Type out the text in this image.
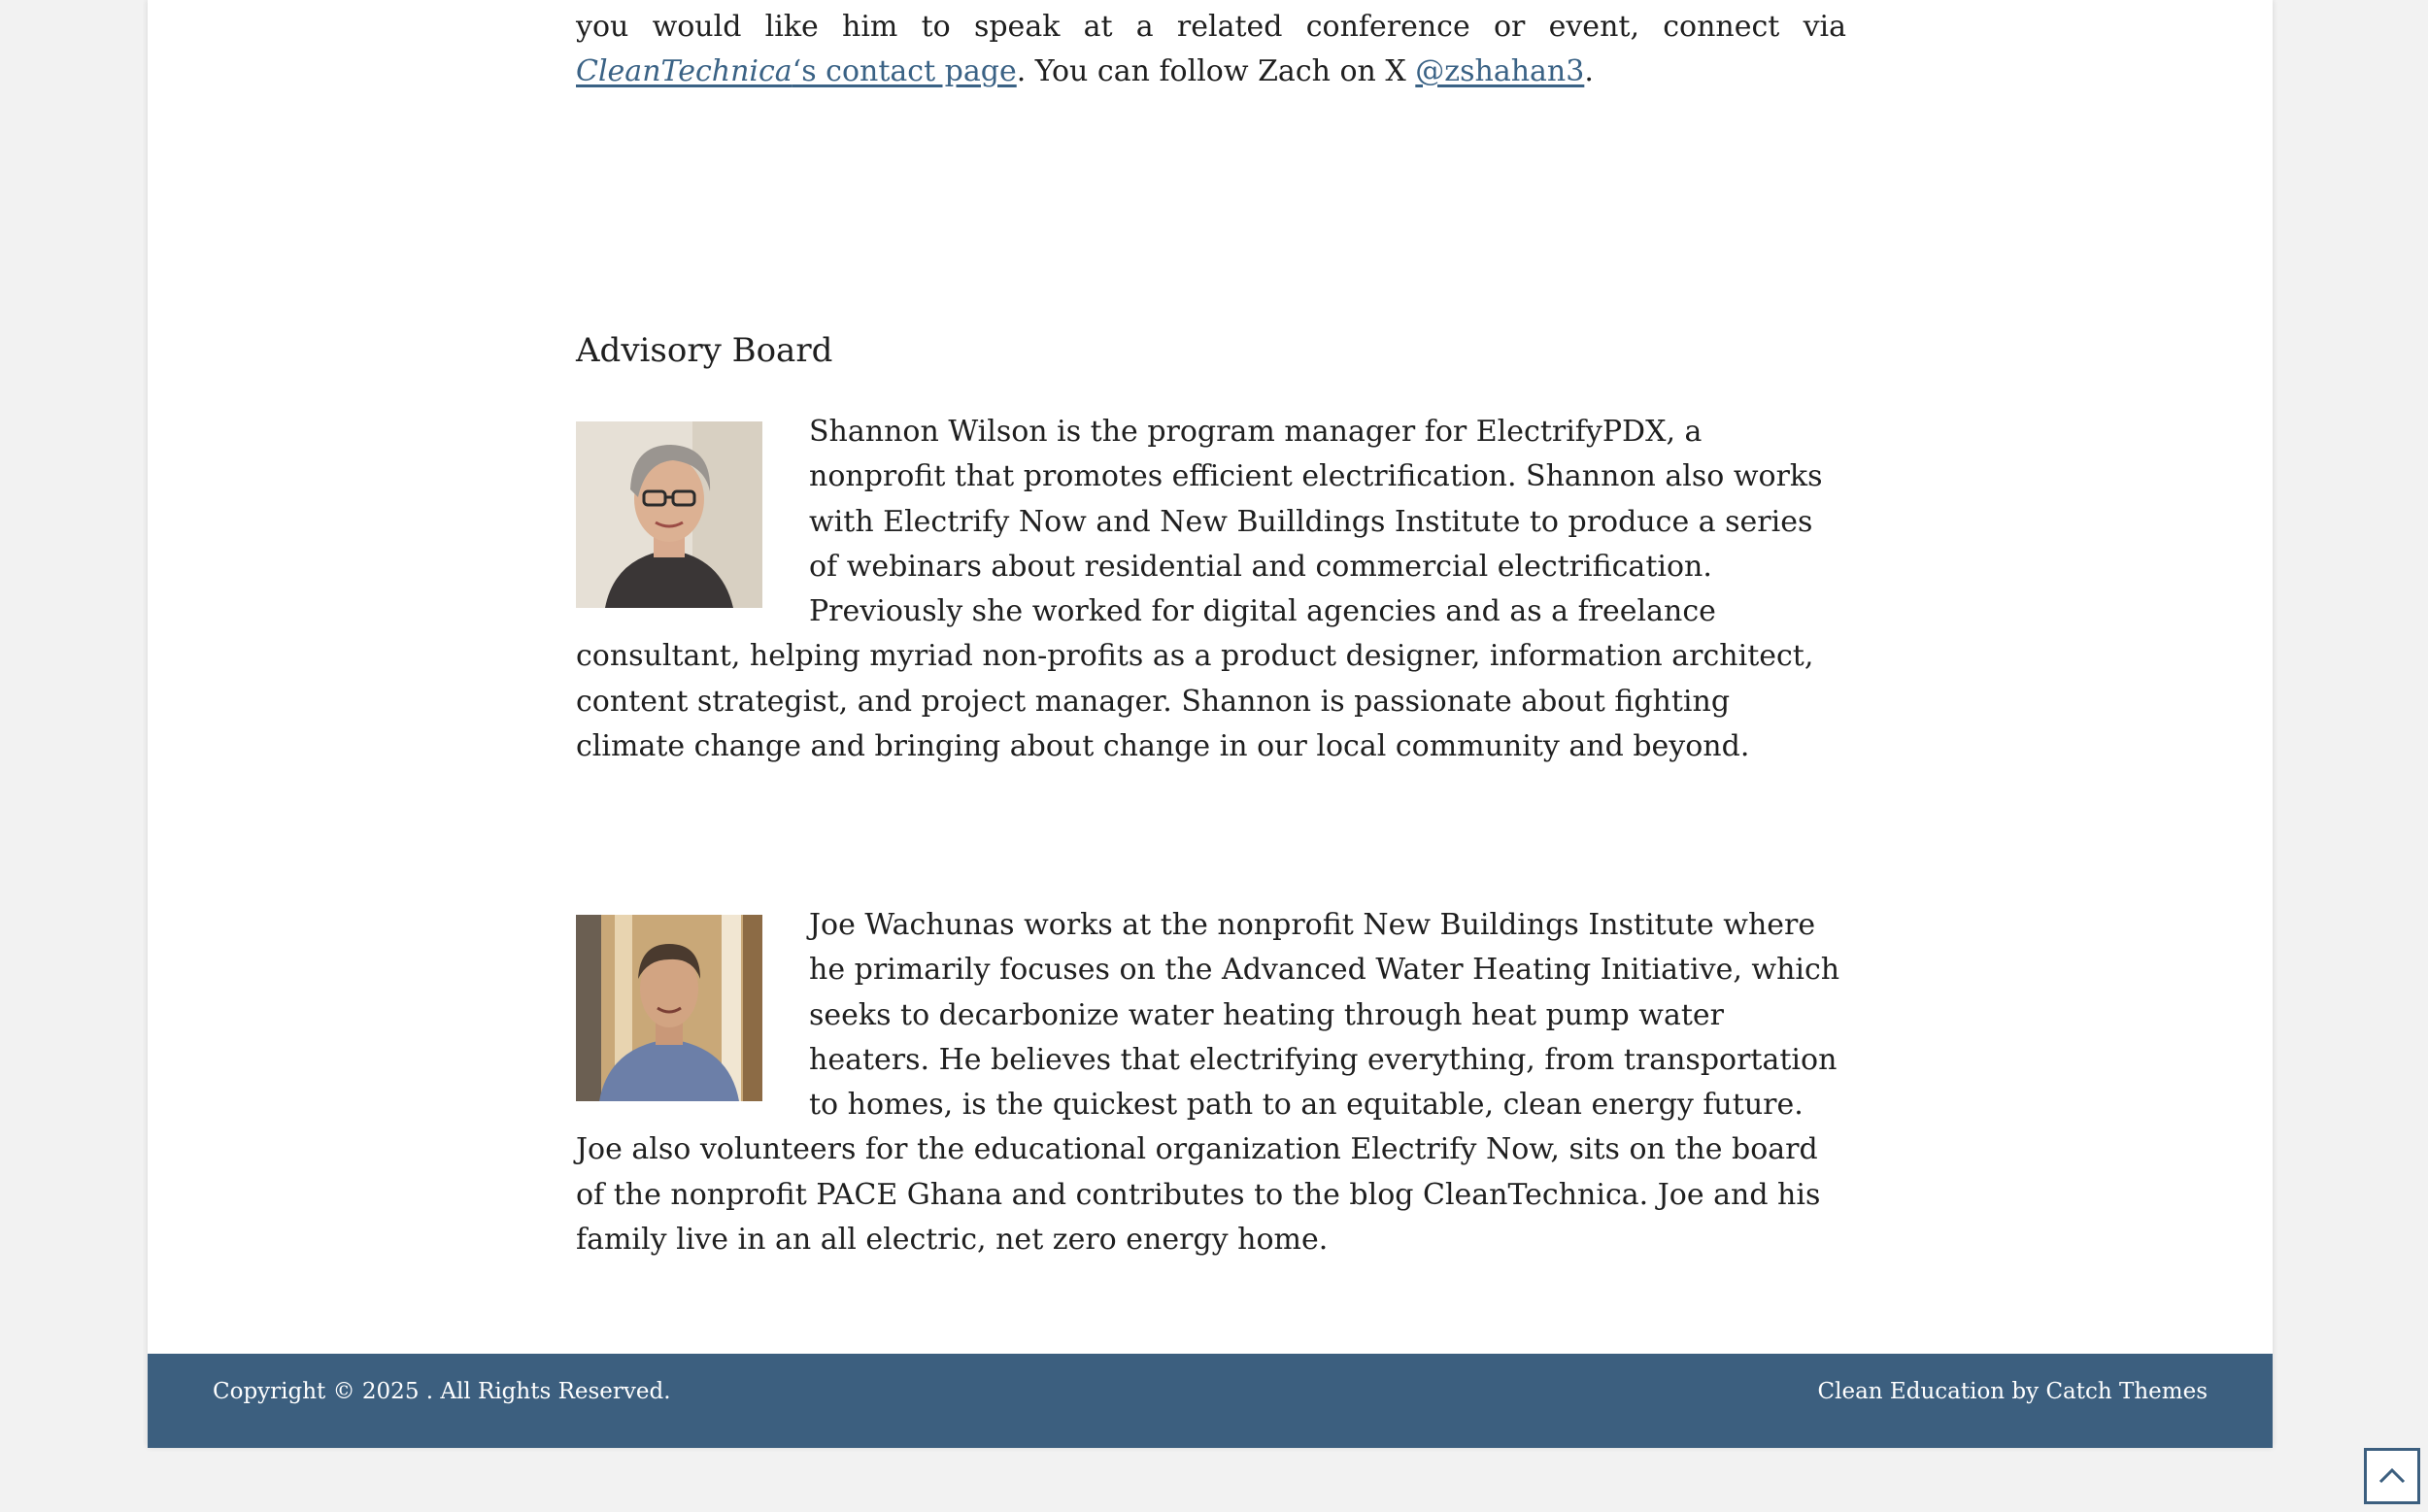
you would like him to speak at a related conference or event, connect via CleanTechnica‘s contact page. You can follow Zach on X @zshahan3.

Advisory Board
Shannon Wilson is the program manager for ElectrifyPDX, a nonprofit that promotes efficient electrification. Shannon also works with Electrify Now and New Builldings Institute to produce a series of webinars about residential and commercial electrification. Previously she worked for digital agencies and as a freelance consultant, helping myriad non-profits as a product designer, information architect, content strategist, and project manager. Shannon is passionate about fighting climate change and bringing about change in our local community and beyond.
Joe Wachunas works at the nonprofit New Buildings Institute where he primarily focuses on the Advanced Water Heating Initiative, which seeks to decarbonize water heating through heat pump water heaters. He believes that electrifying everything, from transportation to homes, is the quickest path to an equitable, clean energy future. Joe also volunteers for the educational organization Electrify Now, sits on the board of the nonprofit PACE Ghana and contributes to the blog CleanTechnica. Joe and his family live in an all electric, net zero energy home.
Copyright © 2025 . All Rights Reserved.	Clean Education by Catch Themes
